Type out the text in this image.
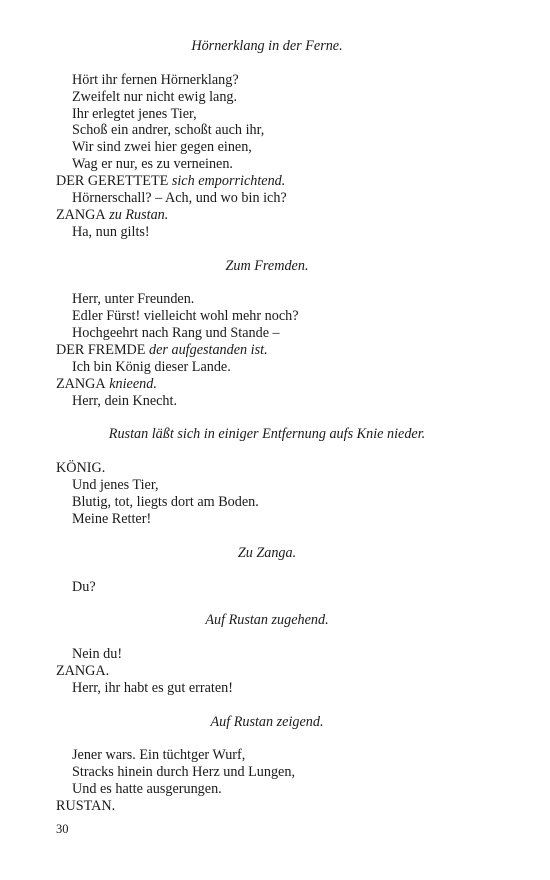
Hörnerklang in der Ferne.
Hört ihr fernen Hörnerklang?
Zweifelt nur nicht ewig lang.
Ihr erlegtet jenes Tier,
Schoß ein andrer, schoßt auch ihr,
Wir sind zwei hier gegen einen,
Wag er nur, es zu verneinen.
DER GERETTETE sich emporrichtend.
Hörnerschall? – Ach, und wo bin ich?
ZANGA zu Rustan.
Ha, nun gilts!
Zum Fremden.
Herr, unter Freunden.
Edler Fürst! vielleicht wohl mehr noch?
Hochgeehrt nach Rang und Stande –
DER FREMDE der aufgestanden ist.
Ich bin König dieser Lande.
ZANGA knieend.
Herr, dein Knecht.
Rustan läßt sich in einiger Entfernung aufs Knie nieder.
KÖNIG.
Und jenes Tier,
Blutig, tot, liegts dort am Boden.
Meine Retter!
Zu Zanga.
Du?
Auf Rustan zugehend.
Nein du!
ZANGA.
Herr, ihr habt es gut erraten!
Auf Rustan zeigend.
Jener wars. Ein tüchtger Wurf,
Stracks hinein durch Herz und Lungen,
Und es hatte ausgerungen.
RUSTAN.
30
